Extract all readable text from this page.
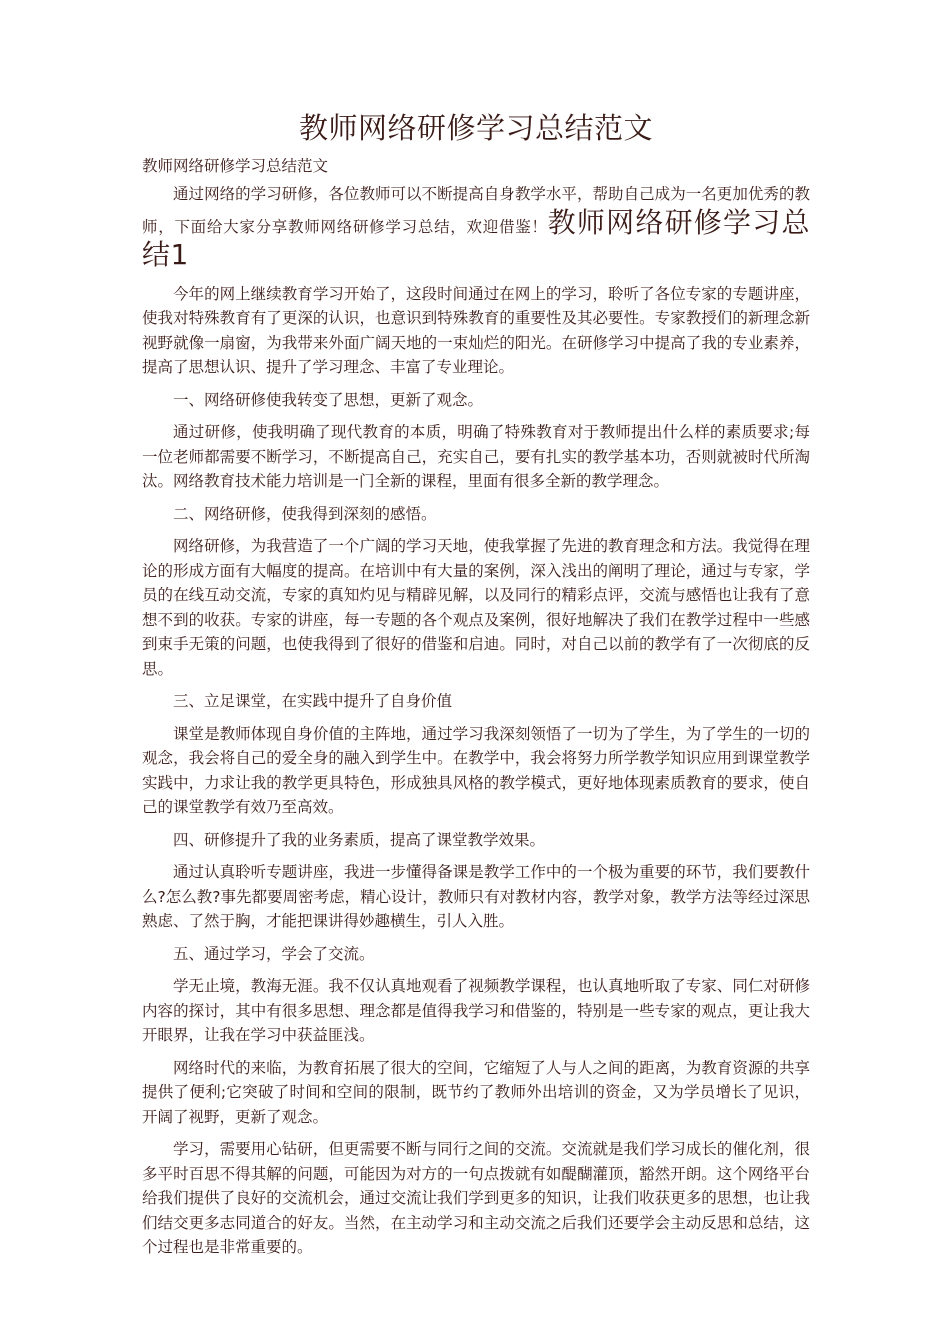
教师网络研修学习总结范文
教师网络研修学习总结范文

通过网络的学习研修，各位教师可以不断提高自身教学水平，帮助自己成为一名更加优秀的教师，下面给大家分享教师网络研修学习总结，欢迎借鉴！教师网络研修学习总结1

今年的网上继续教育学习开始了，这段时间通过在网上的学习，聆听了各位专家的专题讲座，使我对特殊教育有了更深的认识，也意识到特殊教育的重要性及其必要性。专家教授们的新理念新视野就像一扇窗，为我带来外面广阔天地的一束灿烂的阳光。在研修学习中提高了我的专业素养，提高了思想认识、提升了学习理念、丰富了专业理论。

一、网络研修使我转变了思想，更新了观念。

通过研修，使我明确了现代教育的本质，明确了特殊教育对于教师提出什么样的素质要求;每一位老师都需要不断学习，不断提高自己，充实自己，要有扎实的教学基本功，否则就被时代所淘汰。网络教育技术能力培训是一门全新的课程，里面有很多全新的教学理念。

二、网络研修，使我得到深刻的感悟。

网络研修，为我营造了一个广阔的学习天地，使我掌握了先进的教育理念和方法。我觉得在理论的形成方面有大幅度的提高。在培训中有大量的案例，深入浅出的阐明了理论，通过与专家，学员的在线互动交流，专家的真知灼见与精辟见解，以及同行的精彩点评，交流与感悟也让我有了意想不到的收获。专家的讲座，每一专题的各个观点及案例，很好地解决了我们在教学过程中一些感到束手无策的问题，也使我得到了很好的借鉴和启迪。同时，对自己以前的教学有了一次彻底的反思。

三、立足课堂，在实践中提升了自身价值

课堂是教师体现自身价值的主阵地，通过学习我深刻领悟了一切为了学生，为了学生的一切的观念，我会将自己的爱全身的融入到学生中。在教学中，我会将努力所学教学知识应用到课堂教学实践中，力求让我的教学更具特色，形成独具风格的教学模式，更好地体现素质教育的要求，使自己的课堂教学有效乃至高效。

四、研修提升了我的业务素质，提高了课堂教学效果。

通过认真聆听专题讲座，我进一步懂得备课是教学工作中的一个极为重要的环节，我们要教什么?怎么教?事先都要周密考虑，精心设计，教师只有对教材内容，教学对象，教学方法等经过深思熟虑、了然于胸，才能把课讲得妙趣横生，引人入胜。

五、通过学习，学会了交流。

学无止境，教海无涯。我不仅认真地观看了视频教学课程，也认真地听取了专家、同仁对研修内容的探讨，其中有很多思想、理念都是值得我学习和借鉴的，特别是一些专家的观点，更让我大开眼界，让我在学习中获益匪浅。

网络时代的来临，为教育拓展了很大的空间，它缩短了人与人之间的距离，为教育资源的共享提供了便利;它突破了时间和空间的限制，既节约了教师外出培训的资金，又为学员增长了见识，开阔了视野，更新了观念。

学习，需要用心钻研，但更需要不断与同行之间的交流。交流就是我们学习成长的催化剂，很多平时百思不得其解的问题，可能因为对方的一句点拨就有如醍醐灌顶，豁然开朗。这个网络平台给我们提供了良好的交流机会，通过交流让我们学到更多的知识，让我们收获更多的思想，也让我们结交更多志同道合的好友。当然，在主动学习和主动交流之后我们还要学会主动反思和总结，这个过程也是非常重要的。
